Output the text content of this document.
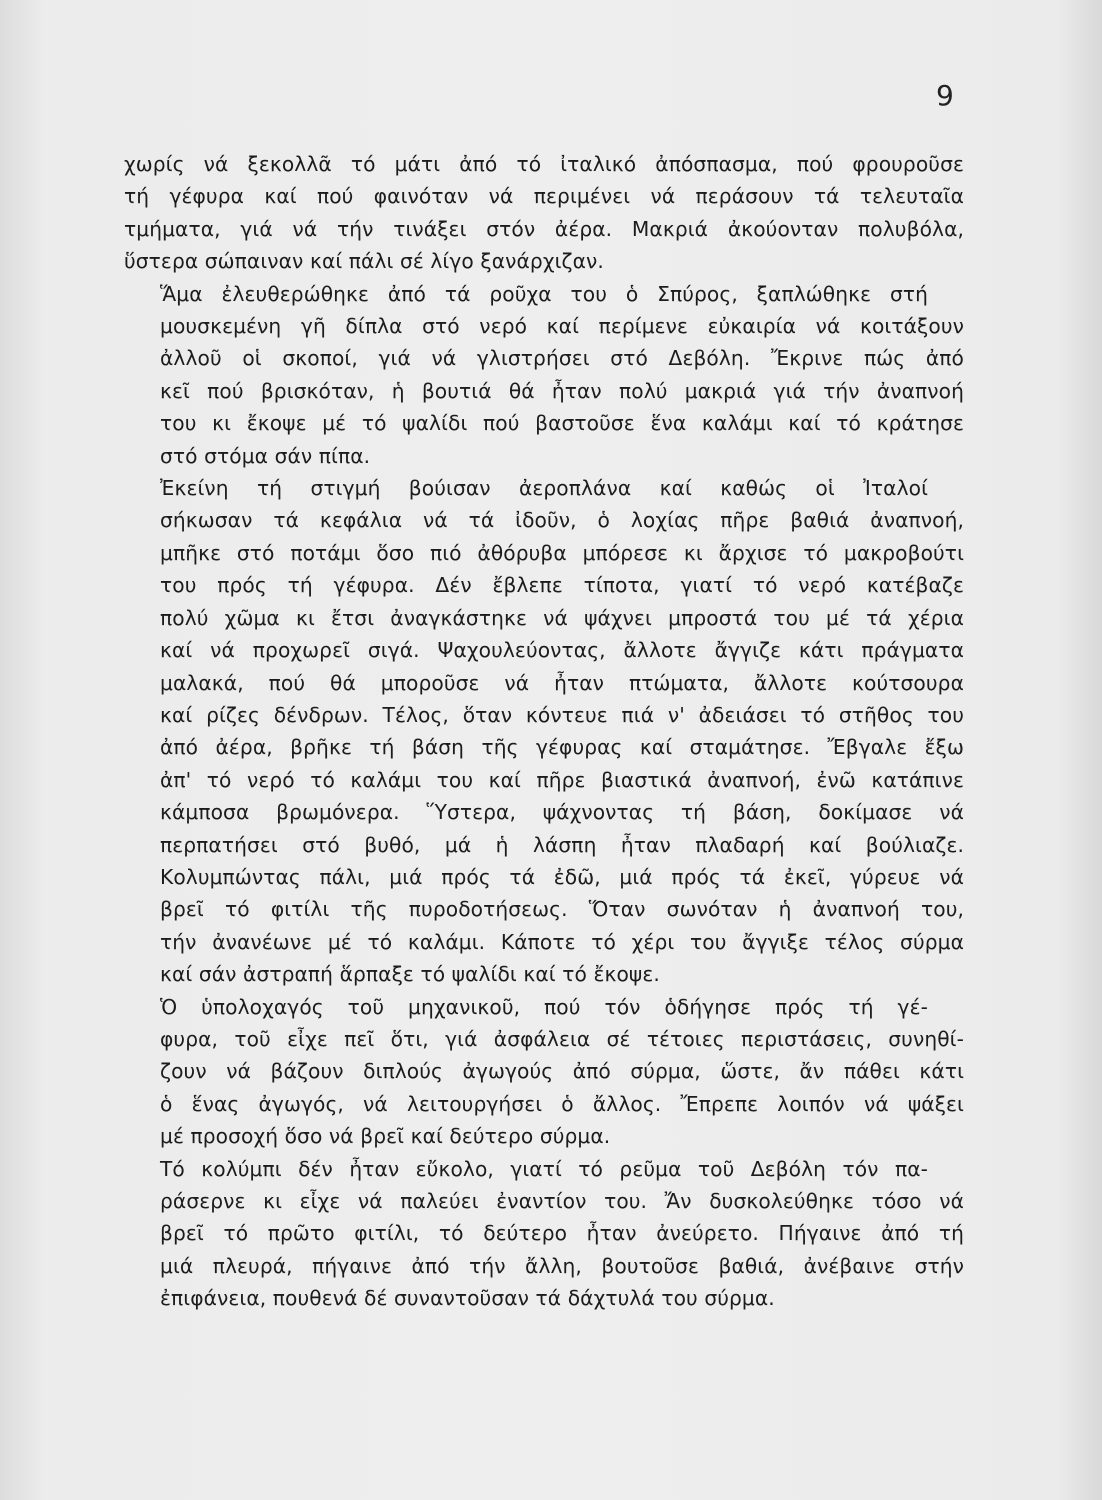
9

χωρίς νά ξεκολλᾶ τό μάτι ἀπό τό ἰταλικό ἀπόσπασμα, πού φρουροῦσε
τή γέφυρα καί πού φαινόταν νά περιμένει νά περάσουν τά τελευταῖα
τμήματα, γιά νά τήν τινάξει στόν ἀέρα. Μακριά ἀκούονταν πολυβόλα,
ὕστερα σώπαιναν καί πάλι σέ λίγο ξανάρχιζαν.

Ἅμα ἐλευθερώθηκε ἀπό τά ροῦχα του ὁ Σπύρος, ξαπλώθηκε στή
μουσκεμένη γῆ δίπλα στό νερό καί περίμενε εὐκαιρία νά κοιτάξουν
ἀλλοῦ οἱ σκοποί, γιά νά γλιστρήσει στό Δεβόλη. Ἔκρινε πώς ἀπό
κεῖ πού βρισκόταν, ἡ βουτιά θά ἦταν πολύ μακριά γιά τήν ἀναπνοή
του κι ἔκοψε μέ τό ψαλίδι πού βαστοῦσε ἕνα καλάμι καί τό κράτησε
στό στόμα σάν πίπα.

Ἐκείνη τή στιγμή βούισαν ἀεροπλάνα καί καθώς οἱ Ἰταλοί
σήκωσαν τά κεφάλια νά τά ἰδοῦν, ὁ λοχίας πῆρε βαθιά ἀναπνοή,
μπῆκε στό ποτάμι ὅσο πιό ἀθόρυβα μπόρεσε κι ἄρχισε τό μακροβούτι
του πρός τή γέφυρα. Δέν ἔβλεπε τίποτα, γιατί τό νερό κατέβαζε
πολύ χῶμα κι ἔτσι ἀναγκάστηκε νά ψάχνει μπροστά του μέ τά χέρια
καί νά προχωρεῖ σιγά. Ψαχουλεύοντας, ἄλλοτε ἄγγιζε κάτι πράγματα
μαλακά, πού θά μποροῦσε νά ἦταν πτώματα, ἄλλοτε κούτσουρα
καί ρίζες δένδρων. Τέλος, ὅταν κόντευε πιά ν' ἀδειάσει τό στῆθος του
ἀπό ἀέρα, βρῆκε τή βάση τῆς γέφυρας καί σταμάτησε. Ἔβγαλε ἔξω
ἀπ' τό νερό τό καλάμι του καί πῆρε βιαστικά ἀναπνοή, ἐνῶ κατάπινε
κάμποσα βρωμόνερα. Ὕστερα, ψάχνοντας τή βάση, δοκίμασε νά
περπατήσει στό βυθό, μά ἡ λάσπη ἦταν πλαδαρή καί βούλιαζε.
Κολυμπώντας πάλι, μιά πρός τά ἐδῶ, μιά πρός τά ἐκεῖ, γύρευε νά
βρεῖ τό φιτίλι τῆς πυροδοτήσεως. Ὅταν σωνόταν ἡ ἀναπνοή του,
τήν ἀνανέωνε μέ τό καλάμι. Κάποτε τό χέρι του ἄγγιξε τέλος σύρμα
καί σάν ἀστραπή ἅρπαξε τό ψαλίδι καί τό ἔκοψε.

Ὁ ὑπολοχαγός τοῦ μηχανικοῦ, πού τόν ὁδήγησε πρός τή γέ-
φυρα, τοῦ εἶχε πεῖ ὅτι, γιά ἀσφάλεια σέ τέτοιες περιστάσεις, συνηθί-
ζουν νά βάζουν διπλούς ἀγωγούς ἀπό σύρμα, ὥστε, ἄν πάθει κάτι
ὁ ἕνας ἀγωγός, νά λειτουργήσει ὁ ἄλλος. Ἔπρεπε λοιπόν νά ψάξει
μέ προσοχή ὅσο νά βρεῖ καί δεύτερο σύρμα.

Τό κολύμπι δέν ἦταν εὔκολο, γιατί τό ρεῦμα τοῦ Δεβόλη τόν πα-
ράσερνε κι εἶχε νά παλεύει ἐναντίον του. Ἄν δυσκολεύθηκε τόσο νά
βρεῖ τό πρῶτο φιτίλι, τό δεύτερο ἦταν ἀνεύρετο. Πήγαινε ἀπό τή
μιά πλευρά, πήγαινε ἀπό τήν ἄλλη, βουτοῦσε βαθιά, ἀνέβαινε στήν
ἐπιφάνεια, πουθενά δέ συναντοῦσαν τά δάχτυλά του σύρμα.
